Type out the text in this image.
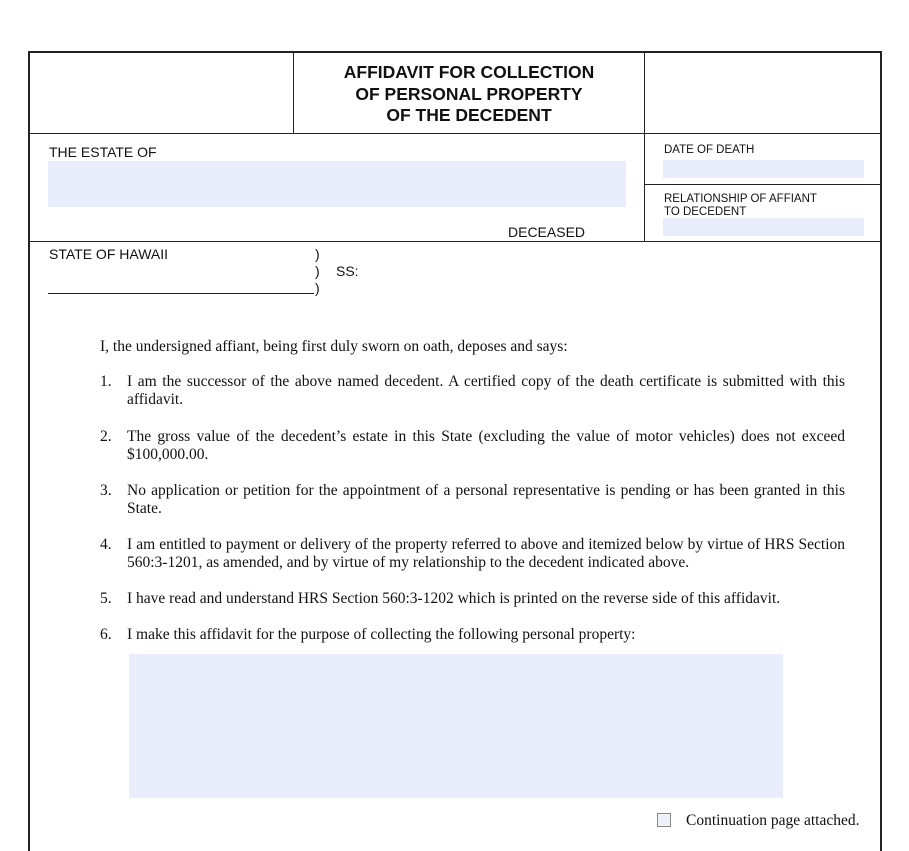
AFFIDAVIT FOR COLLECTION
OF PERSONAL PROPERTY
OF THE DECEDENT
THE ESTATE OF
DECEASED
DATE OF DEATH
RELATIONSHIP OF AFFIANT
TO DECEDENT
STATE OF HAWAII	)
)
)
SS:
I, the undersigned affiant, being first duly sworn on oath, deposes and says:
1. I am the successor of the above named decedent. A certified copy of the death certificate is submitted with this affidavit.
2. The gross value of the decedent’s estate in this State (excluding the value of motor vehicles) does not exceed $100,000.00.
3. No application or petition for the appointment of a personal representative is pending or has been granted in this State.
4. I am entitled to payment or delivery of the property referred to above and itemized below by virtue of HRS Section 560:3-1201, as amended, and by virtue of my relationship to the decedent indicated above.
5. I have read and understand HRS Section 560:3-1202 which is printed on the reverse side of this affidavit.
6. I make this affidavit for the purpose of collecting the following personal property:
Continuation page attached.
